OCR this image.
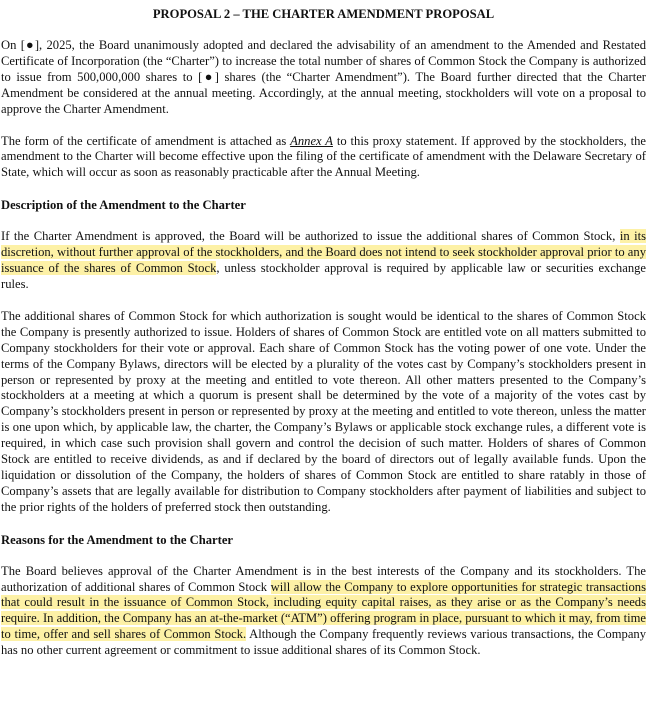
PROPOSAL 2 – THE CHARTER AMENDMENT PROPOSAL

On [●], 2025, the Board unanimously adopted and declared the advisability of an amendment to the Amended and Restated Certificate of Incorporation (the “Charter”) to increase the total number of shares of Common Stock the Company is authorized to issue from 500,000,000 shares to [●] shares (the “Charter Amendment”). The Board further directed that the Charter Amendment be considered at the annual meeting. Accordingly, at the annual meeting, stockholders will vote on a proposal to approve the Charter Amendment.

The form of the certificate of amendment is attached as Annex A to this proxy statement. If approved by the stockholders, the amendment to the Charter will become effective upon the filing of the certificate of amendment with the Delaware Secretary of State, which will occur as soon as reasonably practicable after the Annual Meeting.

Description of the Amendment to the Charter

If the Charter Amendment is approved, the Board will be authorized to issue the additional shares of Common Stock, in its discretion, without further approval of the stockholders, and the Board does not intend to seek stockholder approval prior to any issuance of the shares of Common Stock, unless stockholder approval is required by applicable law or securities exchange rules.

The additional shares of Common Stock for which authorization is sought would be identical to the shares of Common Stock the Company is presently authorized to issue. Holders of shares of Common Stock are entitled vote on all matters submitted to Company stockholders for their vote or approval. Each share of Common Stock has the voting power of one vote. Under the terms of the Company Bylaws, directors will be elected by a plurality of the votes cast by Company’s stockholders present in person or represented by proxy at the meeting and entitled to vote thereon. All other matters presented to the Company’s stockholders at a meeting at which a quorum is present shall be determined by the vote of a majority of the votes cast by Company’s stockholders present in person or represented by proxy at the meeting and entitled to vote thereon, unless the matter is one upon which, by applicable law, the charter, the Company’s Bylaws or applicable stock exchange rules, a different vote is required, in which case such provision shall govern and control the decision of such matter. Holders of shares of Common Stock are entitled to receive dividends, as and if declared by the board of directors out of legally available funds. Upon the liquidation or dissolution of the Company, the holders of shares of Common Stock are entitled to share ratably in those of Company’s assets that are legally available for distribution to Company stockholders after payment of liabilities and subject to the prior rights of the holders of preferred stock then outstanding.

Reasons for the Amendment to the Charter

The Board believes approval of the Charter Amendment is in the best interests of the Company and its stockholders. The authorization of additional shares of Common Stock will allow the Company to explore opportunities for strategic transactions that could result in the issuance of Common Stock, including equity capital raises, as they arise or as the Company’s needs require. In addition, the Company has an at-the-market (“ATM”) offering program in place, pursuant to which it may, from time to time, offer and sell shares of Common Stock. Although the Company frequently reviews various transactions, the Company has no other current agreement or commitment to issue additional shares of its Common Stock.
